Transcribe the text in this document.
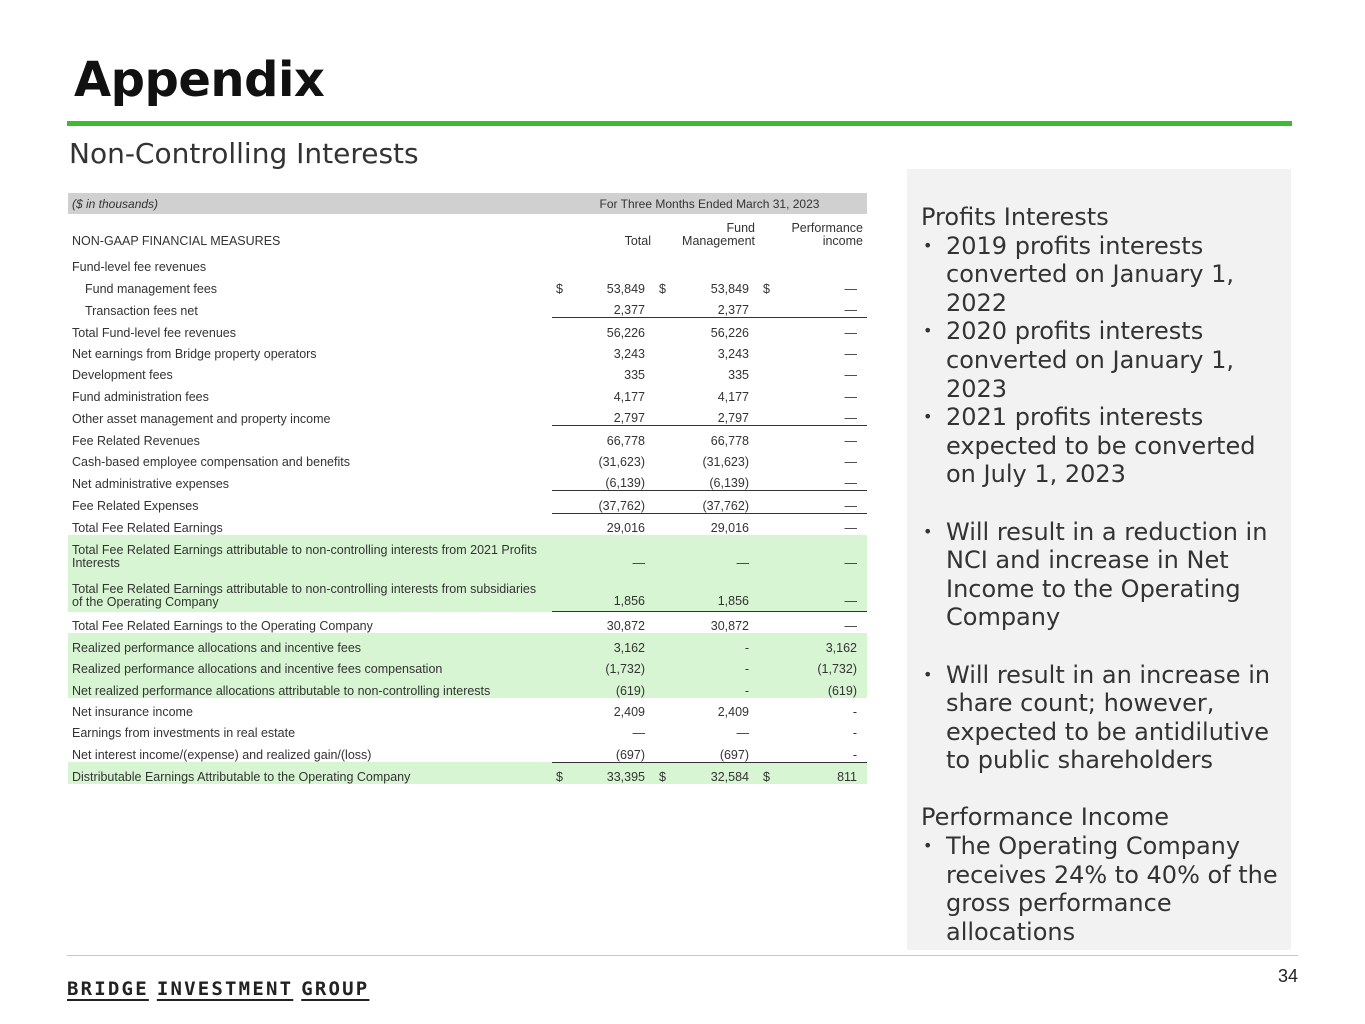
Appendix
Non-Controlling Interests
($ in thousands)	For Three Months Ended March 31, 2023					
NON-GAAP FINANCIAL MEASURES		Total		Fund Management		Performance income
Fund-level fee revenues						
Fund management fees	$	53,849	$	53,849	$	—
Transaction fees net		2,377		2,377		—
Total Fund-level fee revenues		56,226		56,226		—
Net earnings from Bridge property operators		3,243		3,243		—
Development fees		335		335		—
Fund administration fees		4,177		4,177		—
Other asset management and property income		2,797		2,797		—
Fee Related Revenues		66,778		66,778		—
Cash-based employee compensation and benefits		(31,623)		(31,623)		—
Net administrative expenses		(6,139)		(6,139)		—
Fee Related Expenses		(37,762)		(37,762)		—
Total Fee Related Earnings		29,016		29,016		—
Total Fee Related Earnings attributable to non-controlling interests from 2021 Profits Interests		—		—		—
Total Fee Related Earnings attributable to non-controlling interests from subsidiaries of the Operating Company		1,856		1,856		—
Total Fee Related Earnings to the Operating Company		30,872		30,872		—
Realized performance allocations and incentive fees		3,162		-		3,162
Realized performance allocations and incentive fees compensation		(1,732)		-		(1,732)
Net realized performance allocations attributable to non-controlling interests		(619)		-		(619)
Net insurance income		2,409		2,409		-
Earnings from investments in real estate		—		—		-
Net interest income/(expense) and realized gain/(loss)		(697)		(697)		-
Distributable Earnings Attributable to the Operating Company	$	33,395	$	32,584	$	811

Profits Interests

• 2019 profits interests converted on January 1, 2022

• 2020 profits interests converted on January 1, 2023

• 2021 profits interests expected to be converted on July 1, 2023

• Will result in a reduction in NCI and increase in Net Income to the Operating Company

• Will result in an increase in share count; however, expected to be antidilutive to public shareholders

Performance Income

• The Operating Company receives 24% to 40% of the gross performance allocations

BRIDGE INVESTMENT GROUP
34
